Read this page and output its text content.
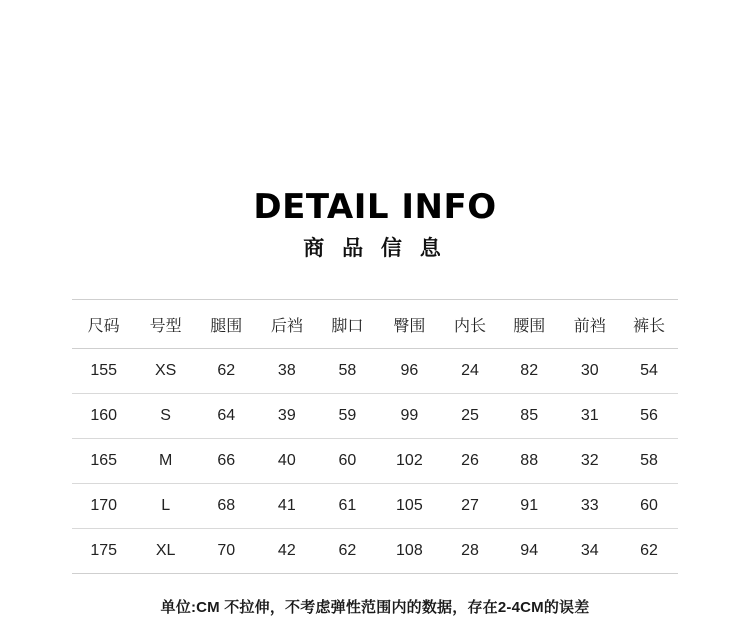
DETAIL INFO
商 品 信 息
尺码	号型	腿围	后裆	脚口	臀围	内长	腰围	前裆	裤长
155	XS	62	38	58	96	24	82	30	54
160	S	64	39	59	99	25	85	31	56
165	M	66	40	60	102	26	88	32	58
170	L	68	41	61	105	27	91	33	60
175	XL	70	42	62	108	28	94	34	62
单位:CM 不拉伸，不考虑弹性范围内的数据，存在2-4CM的误差
